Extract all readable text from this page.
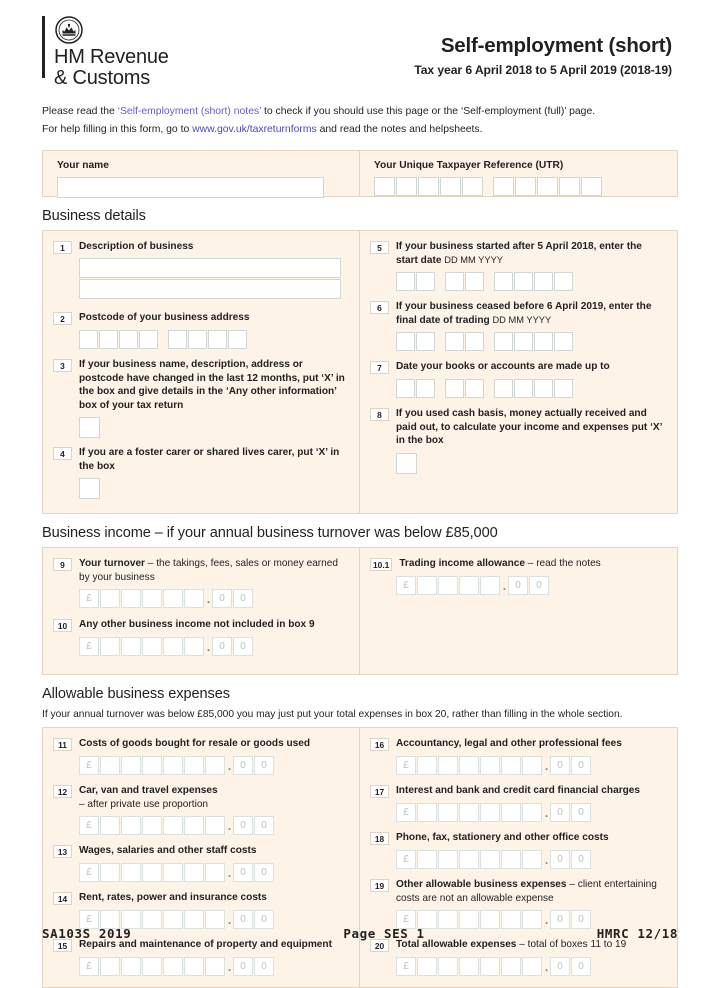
HM Revenue
& Customs
Self-employment (short)
Tax year 6 April 2018 to 5 April 2019 (2018-19)
Please read the ‘Self-employment (short) notes’ to check if you should use this page or the ‘Self-employment (full)’ page.
For help filling in this form, go to www.gov.uk/taxreturnforms and read the notes and helpsheets.
Your name	Your Unique Taxpayer Reference (UTR)
Business details
1	Description of business
2	Postcode of your business address
3	If your business name, description, address or postcode have changed in the last 12 months, put ‘X’ in the box and give details in the ‘Any other information’ box of your tax return
4	If you are a foster carer or shared lives carer, put ‘X’ in the box
5	If your business started after 5 April 2018, enter the start date DD MM YYYY
6	If your business ceased before 6 April 2019, enter the final date of trading DD MM YYYY
7	Date your books or accounts are made up to
8	If you used cash basis, money actually received and paid out, to calculate your income and expenses put ‘X’ in the box
Business income – if your annual business turnover was below £85,000
9	Your turnover – the takings, fees, sales or money earned by your business
£	. 0	0
10	Any other business income not included in box 9
£	. 0	0
10.1 Trading income allowance – read the notes
£	. 0	0
Allowable business expenses
If your annual turnover was below £85,000 you may just put your total expenses in box 20, rather than filling in the whole section.
11	Costs of goods bought for resale or goods used
£	. 0	0
12	Car, van and travel expenses
– after private use proportion
£	. 0	0
13	Wages, salaries and other staff costs
£	. 0	0
14	Rent, rates, power and insurance costs
£	. 0	0
15	Repairs and maintenance of property and equipment
£	. 0	0
16	Accountancy, legal and other professional fees
£	. 0	0
17	Interest and bank and credit card financial charges
£	. 0	0
18	Phone, fax, stationery and other office costs
£	. 0	0
19	Other allowable business expenses – client entertaining costs are not an allowable expense
£	. 0	0
20	Total allowable expenses – total of boxes 11 to 19
£	. 0	0
SA103S 2019	Page SES 1	HMRC 12/18
